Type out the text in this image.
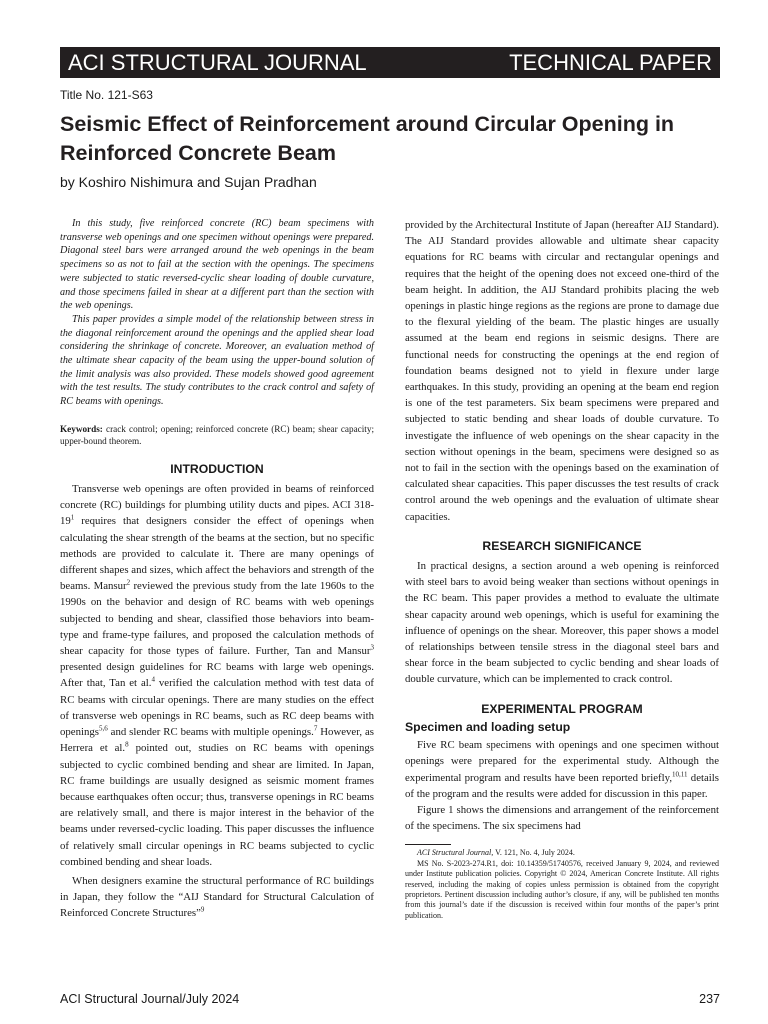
ACI STRUCTURAL JOURNAL	TECHNICAL PAPER
Title No. 121-S63
Seismic Effect of Reinforcement around Circular Opening in Reinforced Concrete Beam
by Koshiro Nishimura and Sujan Pradhan

In this study, five reinforced concrete (RC) beam specimens with transverse web openings and one specimen without openings were prepared. Diagonal steel bars were arranged around the web openings in the beam specimens so as not to fail at the section with the openings. The specimens were subjected to static reversed-cyclic shear loading of double curvature, and those specimens failed in shear at a different part than the section with the web openings.

This paper provides a simple model of the relationship between stress in the diagonal reinforcement around the openings and the applied shear load considering the shrinkage of concrete. Moreover, an evaluation method of the ultimate shear capacity of the beam using the upper-bound solution of the limit analysis was also provided. These models showed good agreement with the test results. The study contributes to the crack control and safety of RC beams with openings.

Keywords: crack control; opening; reinforced concrete (RC) beam; shear capacity; upper-bound theorem.

INTRODUCTION

Transverse web openings are often provided in beams of reinforced concrete (RC) buildings for plumbing utility ducts and pipes. ACI $318-19^1$ requires that designers consider the effect of openings when calculating the shear strength of the beams at the section, but no specific methods are provided to calculate it. There are many openings of different shapes and sizes, which affect the behaviors and strength of the beams. Mansur$^2$ reviewed the previous study from the late 1960s to the 1990s on the behavior and design of RC beams with web openings subjected to bending and shear, classified those behaviors into beam-type and frame-type failures, and proposed the calculation methods of shear capacity for those types of failure. Further, Tan and Mansur$^3$ presented design guidelines for RC beams with large web openings. After that, Tan et al.$^4$ verified the calculation method with test data of RC beams with circular openings. There are many studies on the effect of transverse web openings in RC beams, such as RC deep beams with openings$^{5,6}$ and slender RC beams with multiple openings.$^7$ However, as Herrera et al.$^8$ pointed out, studies on RC beams with openings subjected to cyclic combined bending and shear are limited. In Japan, RC frame buildings are usually designed as seismic moment frames because earthquakes often occur; thus, transverse openings in RC beams are relatively small, and there is major interest in the behavior of the beams under reversed-cyclic loading. This paper discusses the influence of relatively small circular openings in RC beams subjected to cyclic combined bending and shear loads.

When designers examine the structural performance of RC buildings in Japan, they follow the “AIJ Standard for Structural Calculation of Reinforced Concrete Structures”$^9$

provided by the Architectural Institute of Japan (hereafter AIJ Standard). The AIJ Standard provides allowable and ultimate shear capacity equations for RC beams with circular and rectangular openings and requires that the height of the opening does not exceed one-third of the beam height. In addition, the AIJ Standard prohibits placing the web openings in plastic hinge regions as the regions are prone to damage due to the flexural yielding of the beam. The plastic hinges are usually assumed at the beam end regions in seismic designs. There are functional needs for constructing the openings at the end region of foundation beams designed not to yield in flexure under large earthquakes. In this study, providing an opening at the beam end region is one of the test parameters. Six beam specimens were prepared and subjected to static bending and shear loads of double curvature. To investigate the influence of web openings on the shear capacity in the section without openings in the beam, specimens were designed so as not to fail in the section with the openings based on the examination of calculated shear capacities. This paper discusses the test results of crack control around the web openings and the evaluation of ultimate shear capacities.

RESEARCH SIGNIFICANCE

In practical designs, a section around a web opening is reinforced with steel bars to avoid being weaker than sections without openings in the RC beam. This paper provides a method to evaluate the ultimate shear capacity around web openings, which is useful for examining the influence of openings on the shear. Moreover, this paper shows a model of relationships between tensile stress in the diagonal steel bars and shear force in the beam subjected to cyclic bending and shear loads of double curvature, which can be implemented to crack control.

EXPERIMENTAL PROGRAM
Specimen and loading setup

Five RC beam specimens with openings and one specimen without openings were prepared for the experimental study. Although the experimental program and results have been reported briefly,$^{10,11}$ details of the program and the results were added for discussion in this paper.

Figure 1 shows the dimensions and arrangement of the reinforcement of the specimens. The six specimens had

ACI Structural Journal, V. 121, No. 4, July 2024.

MS No. S-2023-274.R1, doi: 10.14359/51740576, received January 9, 2024, and reviewed under Institute publication policies. Copyright © 2024, American Concrete Institute. All rights reserved, including the making of copies unless permission is obtained from the copyright proprietors. Pertinent discussion including author’s closure, if any, will be published ten months from this journal’s date if the discussion is received within four months of the paper’s print publication.

ACI Structural Journal/July 2024	237
